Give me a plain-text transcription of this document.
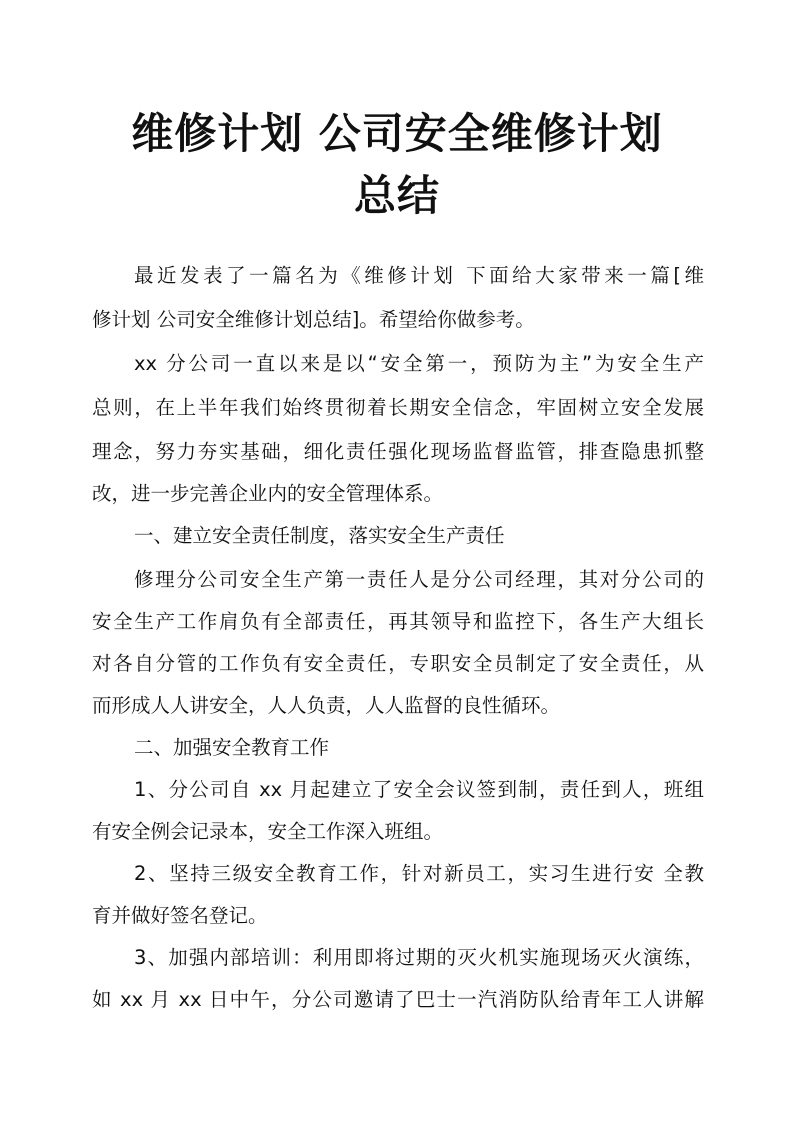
维修计划 公司安全维修计划
总结

最近发表了一篇名为《维修计划 下面给大家带来一篇[维

修计划 公司安全维修计划总结]。希望给你做参考。

xx 分公司一直以来是以“安全第一，预防为主”为安全生产

总则，在上半年我们始终贯彻着长期安全信念，牢固树立安全发展

理念，努力夯实基础，细化责任强化现场监督监管，排查隐患抓整

改，进一步完善企业内的安全管理体系。

一、建立安全责任制度，落实安全生产责任

修理分公司安全生产第一责任人是分公司经理，其对分公司的

安全生产工作肩负有全部责任，再其领导和监控下，各生产大组长

对各自分管的工作负有安全责任，专职安全员制定了安全责任，从

而形成人人讲安全，人人负责，人人监督的良性循环。

二、加强安全教育工作

1、分公司自 xx 月起建立了安全会议签到制，责任到人，班组

有安全例会记录本，安全工作深入班组。

2、坚持三级安全教育工作，针对新员工，实习生进行安 全教

育并做好签名登记。

3、加强内部培训：利用即将过期的灭火机实施现场灭火演练，

如 xx 月 xx 日中午，分公司邀请了巴士一汽消防队给青年工人讲解
